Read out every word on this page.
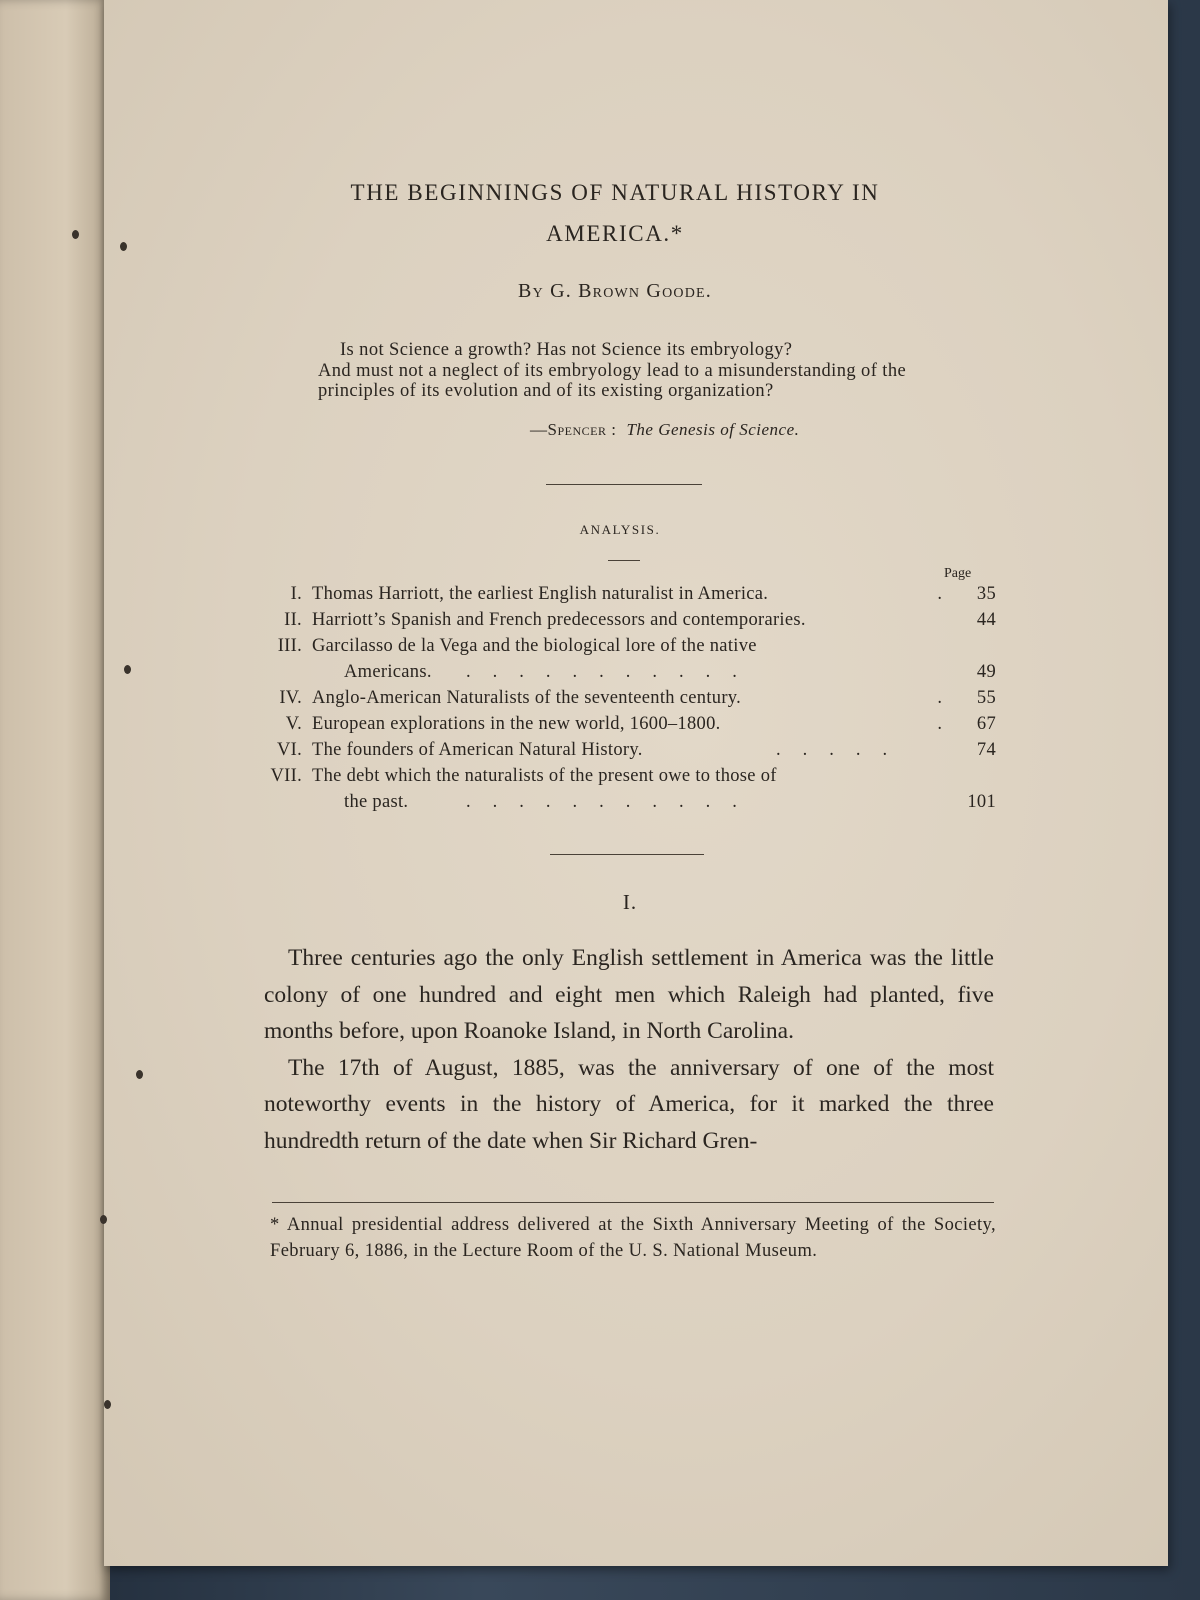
THE BEGINNINGS OF NATURAL HISTORY IN
AMERICA.*
By G. Brown Goode.
Is not Science a growth? Has not Science its embryology?
And must not a neglect of its embryology lead to a misunderstanding of the principles of its evolution and of its existing organization?
—Spencer : The Genesis of Science.
ANALYSIS.
Page
I. Thomas Harriott, the earliest English naturalist in America.	.	35
II. Harriott’s Spanish and French predecessors and contemporaries.	44
III. Garcilasso de la Vega and the biological lore of the native
Americans. ...........	49
IV. Anglo-American Naturalists of the seventeenth century.	.	55
V. European explorations in the new world, 1600–1800.	.	67
VI. The founders of American Natural History.	.....	74
VII. The debt which the naturalists of the present owe to those of
the past.	...........	101
I.

Three centuries ago the only English settlement in America was the little colony of one hundred and eight men which Raleigh had planted, five months before, upon Roanoke Island, in North Carolina.

The 17th of August, 1885, was the anniversary of one of the most noteworthy events in the history of America, for it marked the three hundredth return of the date when Sir Richard Gren-

* Annual presidential address delivered at the Sixth Anniversary Meeting of the Society, February 6, 1886, in the Lecture Room of the U. S. National Museum.
